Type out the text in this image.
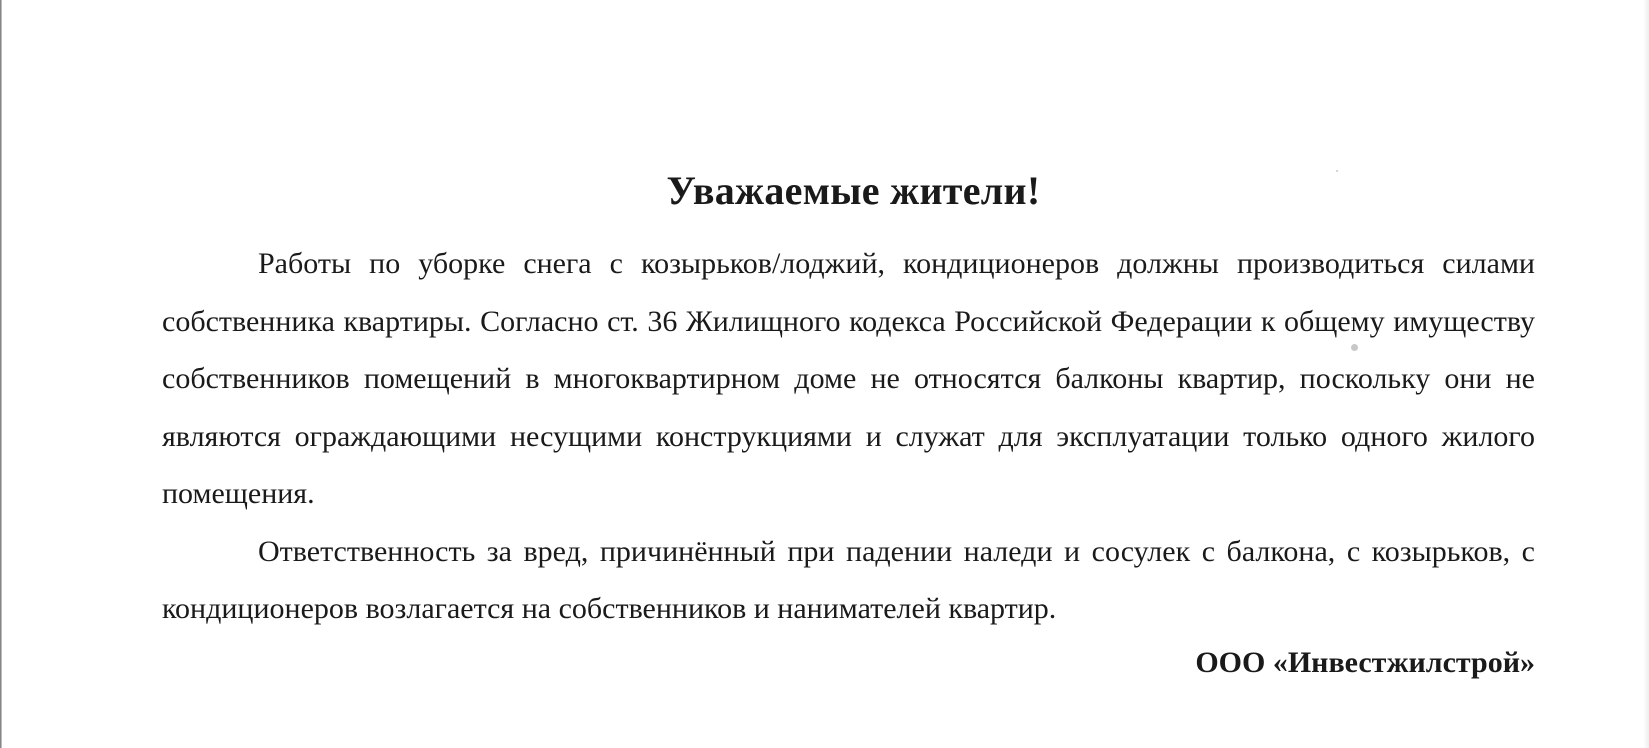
Уважаемые жители!

Работы по уборке снега с козырьков/лоджий, кондиционеров должны производиться силами собственника квартиры. Согласно ст. 36 Жилищного кодекса Российской Федерации к общему имуществу собственников помещений в многоквартирном доме не относятся балконы квартир, поскольку они не являются ограждающими несущими конструкциями и служат для эксплуатации только одного жилого помещения.

Ответственность за вред, причинённый при падении наледи и сосулек с балкона, с козырьков, с кондиционеров возлагается на собственников и нанимателей квартир.

ООО «Инвестжилстрой»
